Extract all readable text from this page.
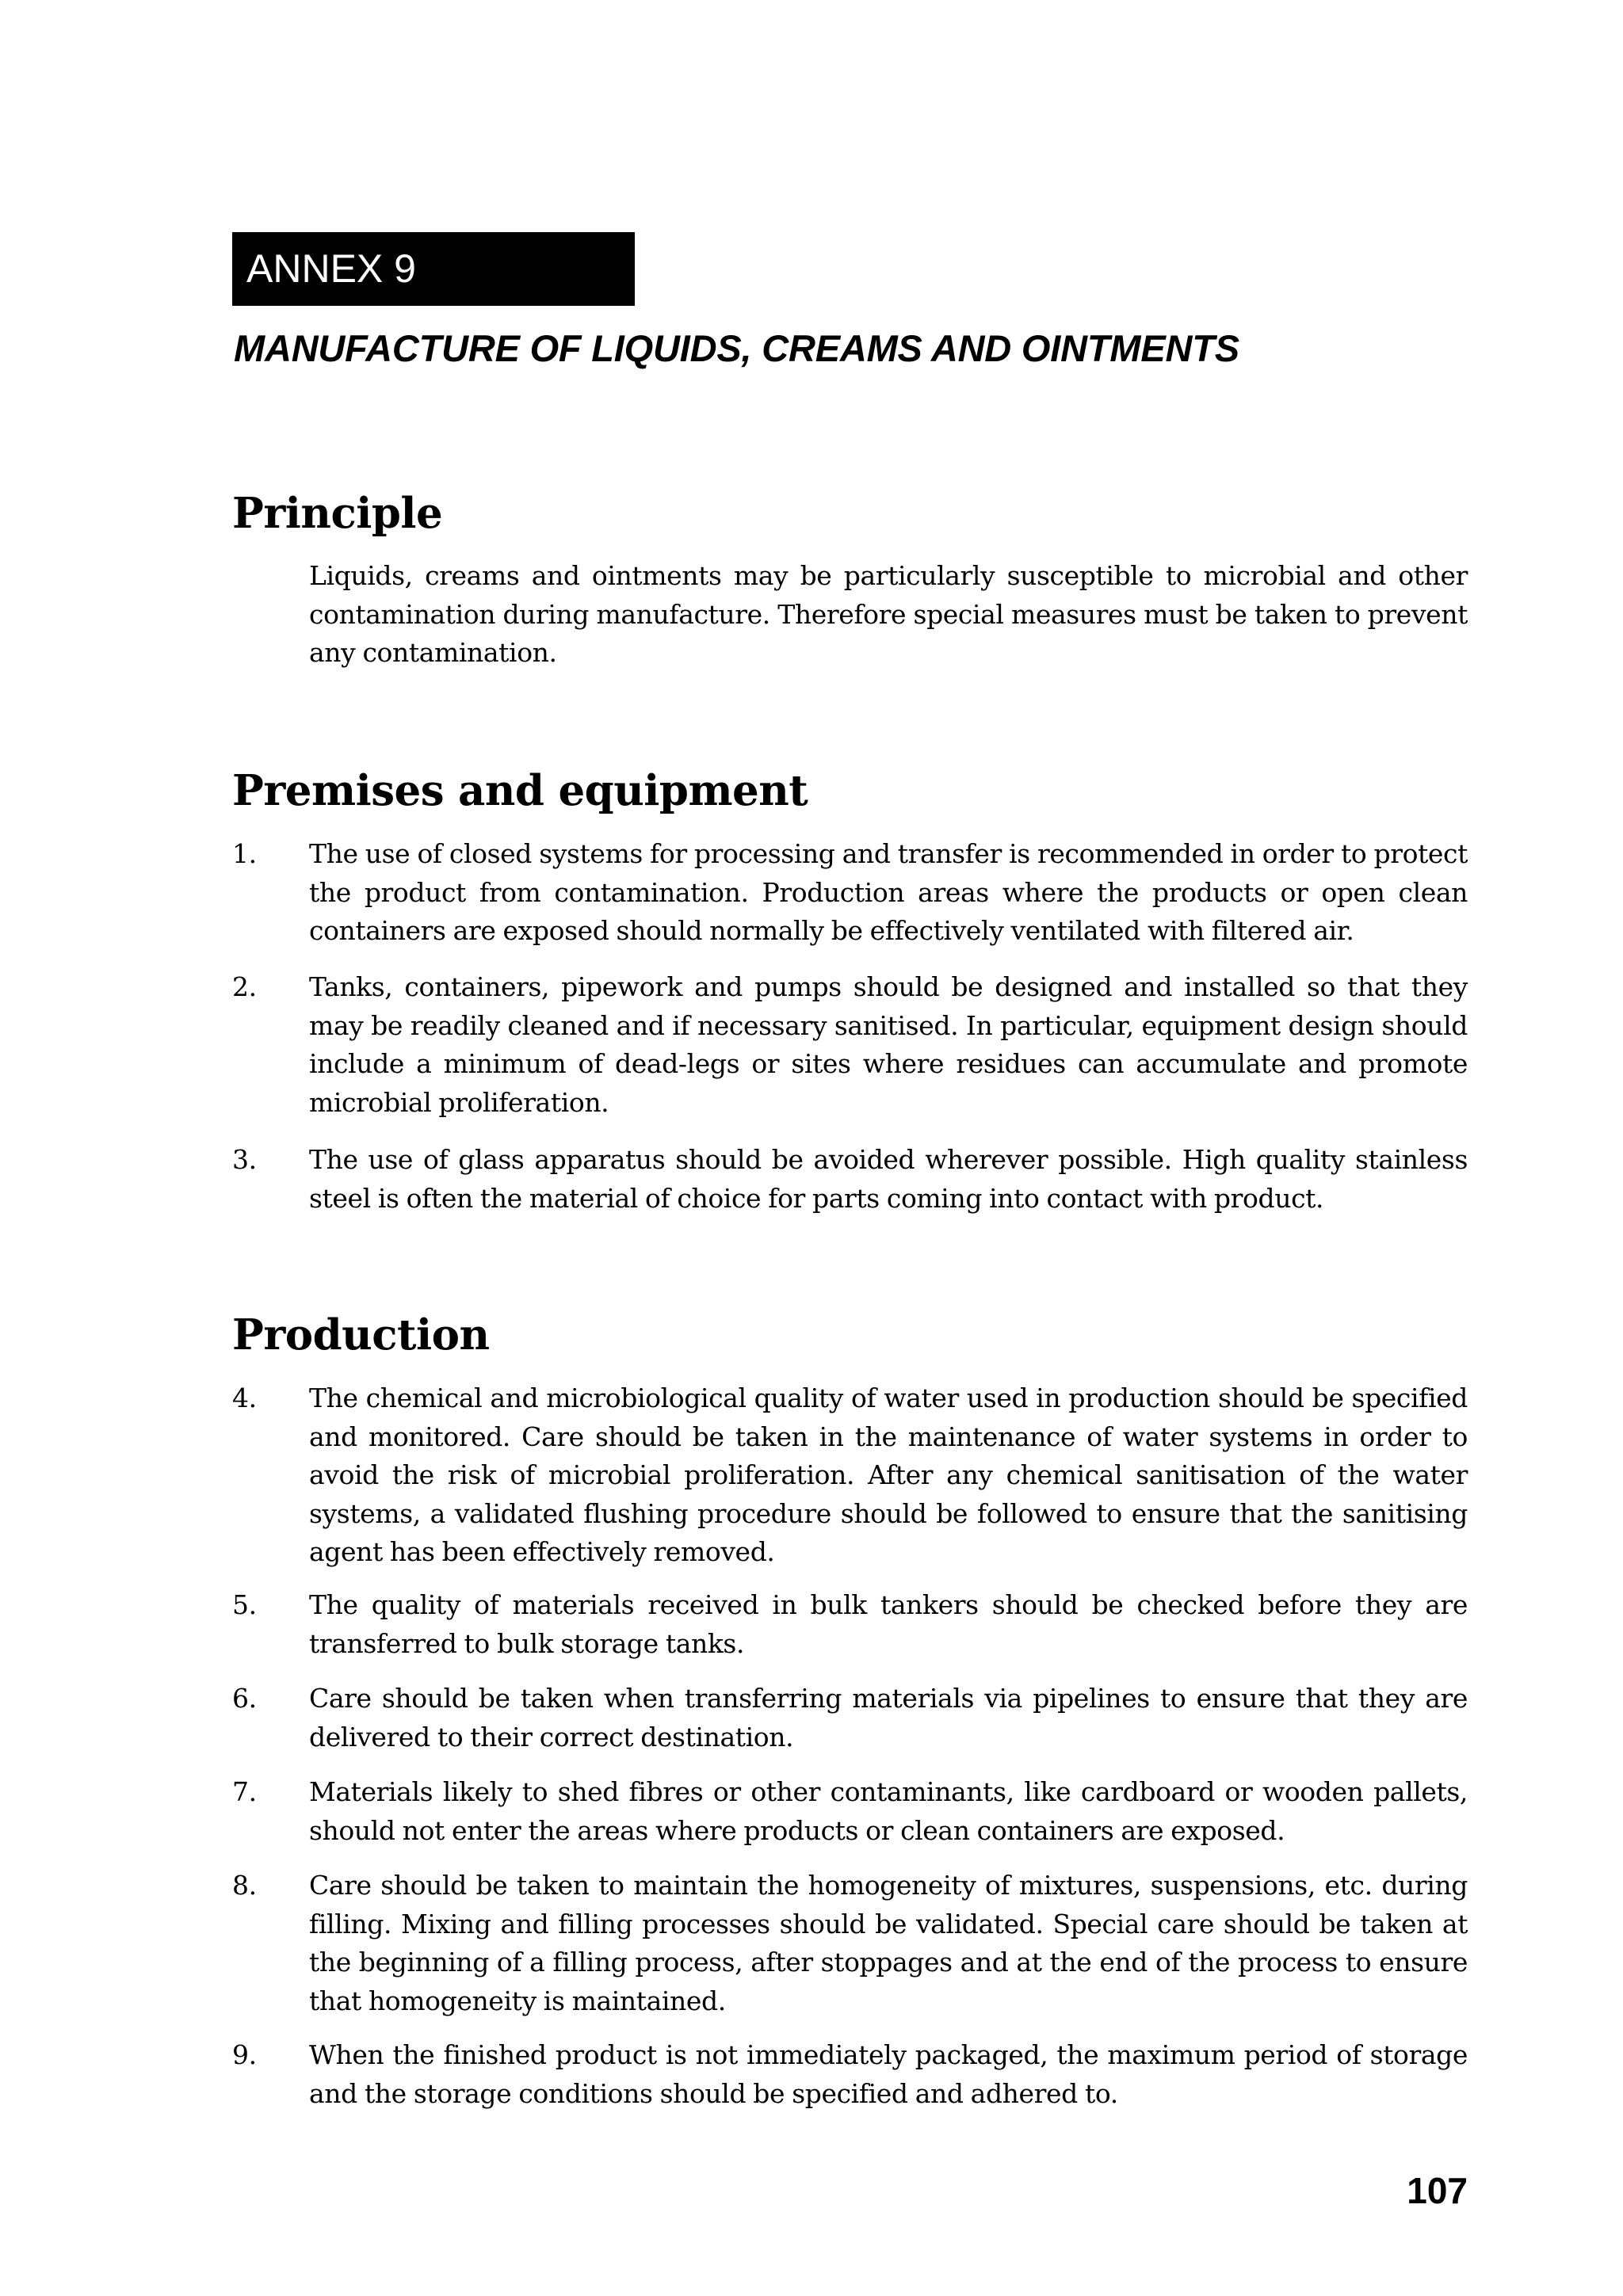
ANNEX 9
MANUFACTURE OF LIQUIDS, CREAMS AND OINTMENTS
Principle

Liquids, creams and ointments may be particularly susceptible to microbial and other contamination during manufacture. Therefore special measures must be taken to prevent any contamination.

Premises and equipment
1.	The use of closed systems for processing and transfer is recommended in order to protect the product from contamination. Production areas where the products or open clean containers are exposed should normally be effectively ventilated with filtered air.

2.	Tanks, containers, pipework and pumps should be designed and installed so that they may be readily cleaned and if necessary sanitised. In particular, equipment design should include a minimum of dead-legs or sites where residues can accumulate and promote microbial proliferation.

3.	The use of glass apparatus should be avoided wherever possible. High quality stainless steel is often the material of choice for parts coming into contact with product.

Production
4.	The chemical and microbiological quality of water used in production should be specified and monitored. Care should be taken in the maintenance of water systems in order to avoid the risk of microbial proliferation. After any chemical sanitisation of the water systems, a validated flushing procedure should be followed to ensure that the sanitising agent has been effectively removed.

5.	The quality of materials received in bulk tankers should be checked before they are transferred to bulk storage tanks.

6.	Care should be taken when transferring materials via pipelines to ensure that they are delivered to their correct destination.

7.	Materials likely to shed fibres or other contaminants, like cardboard or wooden pallets, should not enter the areas where products or clean containers are exposed.

8.	Care should be taken to maintain the homogeneity of mixtures, suspensions, etc. during filling. Mixing and filling processes should be validated. Special care should be taken at the beginning of a filling process, after stoppages and at the end of the process to ensure that homogeneity is maintained.

9.	When the finished product is not immediately packaged, the maximum period of storage and the storage conditions should be specified and adhered to.

107
